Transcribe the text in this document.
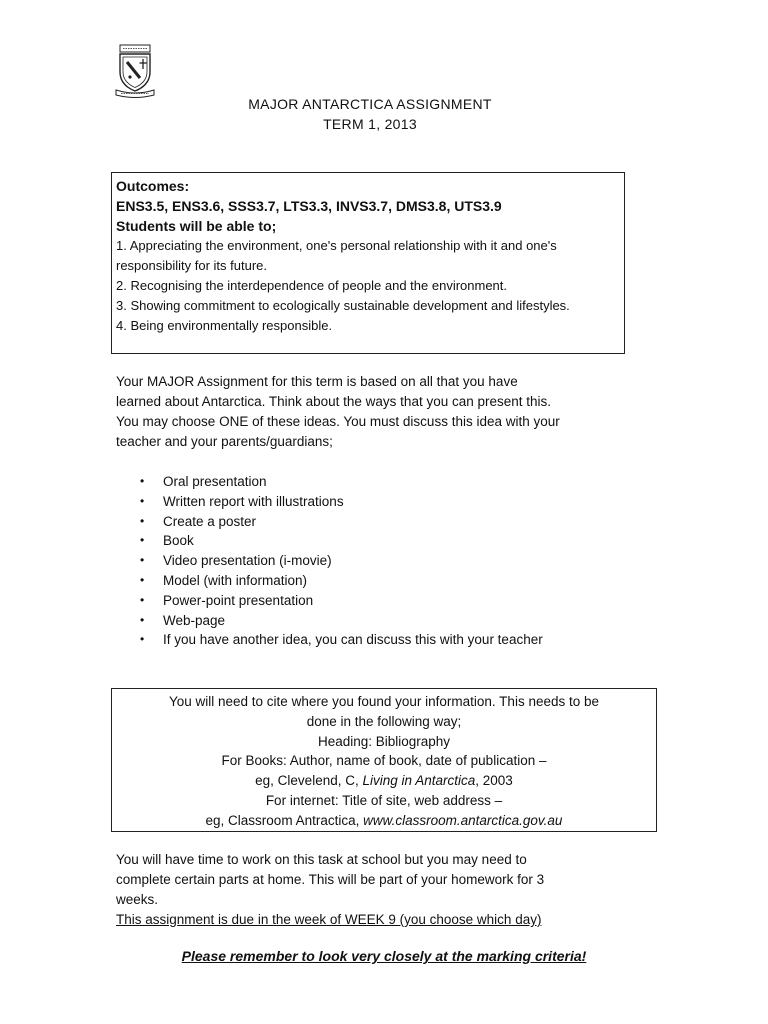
MAJOR ANTARCTICA ASSIGNMENT
TERM 1, 2013

Outcomes:

ENS3.5, ENS3.6, SSS3.7, LTS3.3, INVS3.7, DMS3.8, UTS3.9

Students will be able to;

1. Appreciating the environment, one's personal relationship with it and one's responsibility for its future.

2. Recognising the interdependence of people and the environment.

3. Showing commitment to ecologically sustainable development and lifestyles.

4. Being environmentally responsible.

Your MAJOR Assignment for this term is based on all that you have

learned about Antarctica. Think about the ways that you can present this.

You may choose ONE of these ideas. You must discuss this idea with your

teacher and your parents/guardians;

• Oral presentation
• Written report with illustrations
• Create a poster
• Book
• Video presentation (i-movie)
• Model (with information)
• Power-point presentation
• Web-page
• If you have another idea, you can discuss this with your teacher

You will need to cite where you found your information. This needs to be

done in the following way;

Heading: Bibliography

For Books: Author, name of book, date of publication –

eg, Clevelend, C, Living in Antarctica, 2003

For internet: Title of site, web address –

eg, Classroom Antractica, www.classroom.antarctica.gov.au

You will have time to work on this task at school but you may need to

complete certain parts at home. This will be part of your homework for 3

weeks.

This assignment is due in the week of WEEK 9 (you choose which day)

Please remember to look very closely at the marking criteria!
